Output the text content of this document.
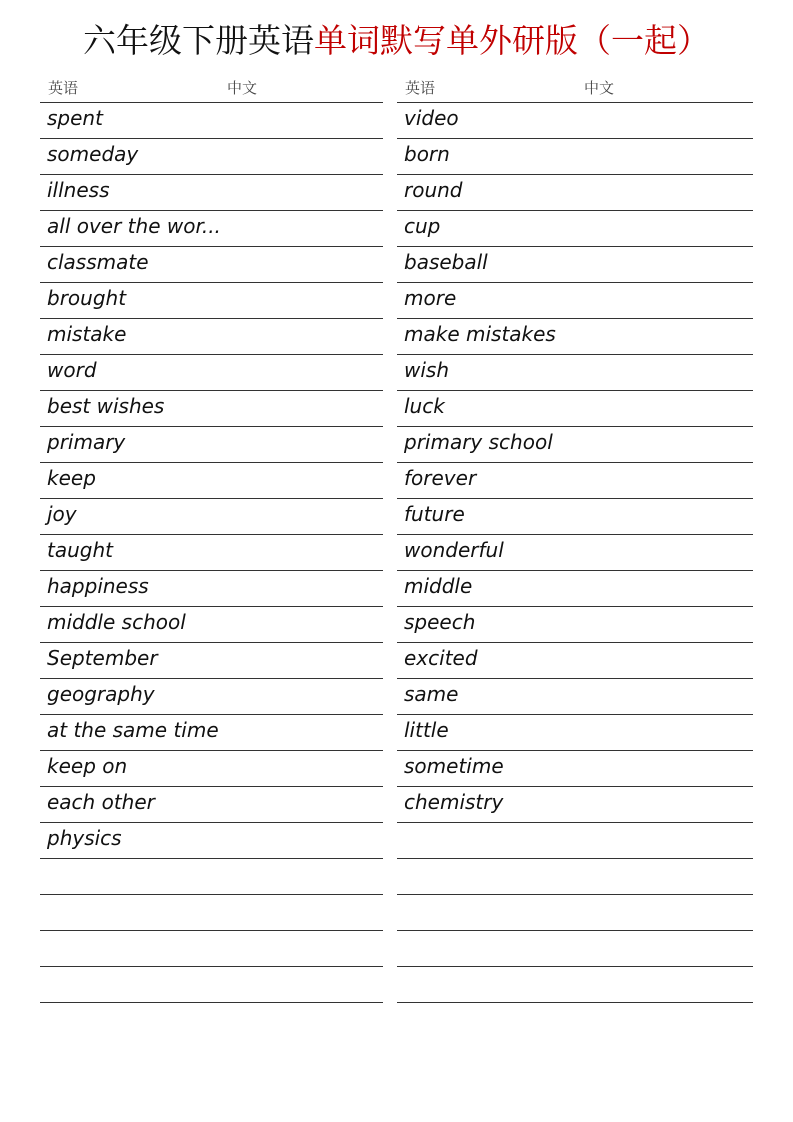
六年级下册英语单词默写单外研版（一起）
英语	中文
spent
someday
illness
all over the wor...
classmate
brought
mistake
word
best wishes
primary
keep
joy
taught
happiness
middle school
September
geography
at the same time
keep on
each other
physics
英语	中文
video
born
round
cup
baseball
more
make mistakes
wish
luck
primary school
forever
future
wonderful
middle
speech
excited
same
little
sometime
chemistry
